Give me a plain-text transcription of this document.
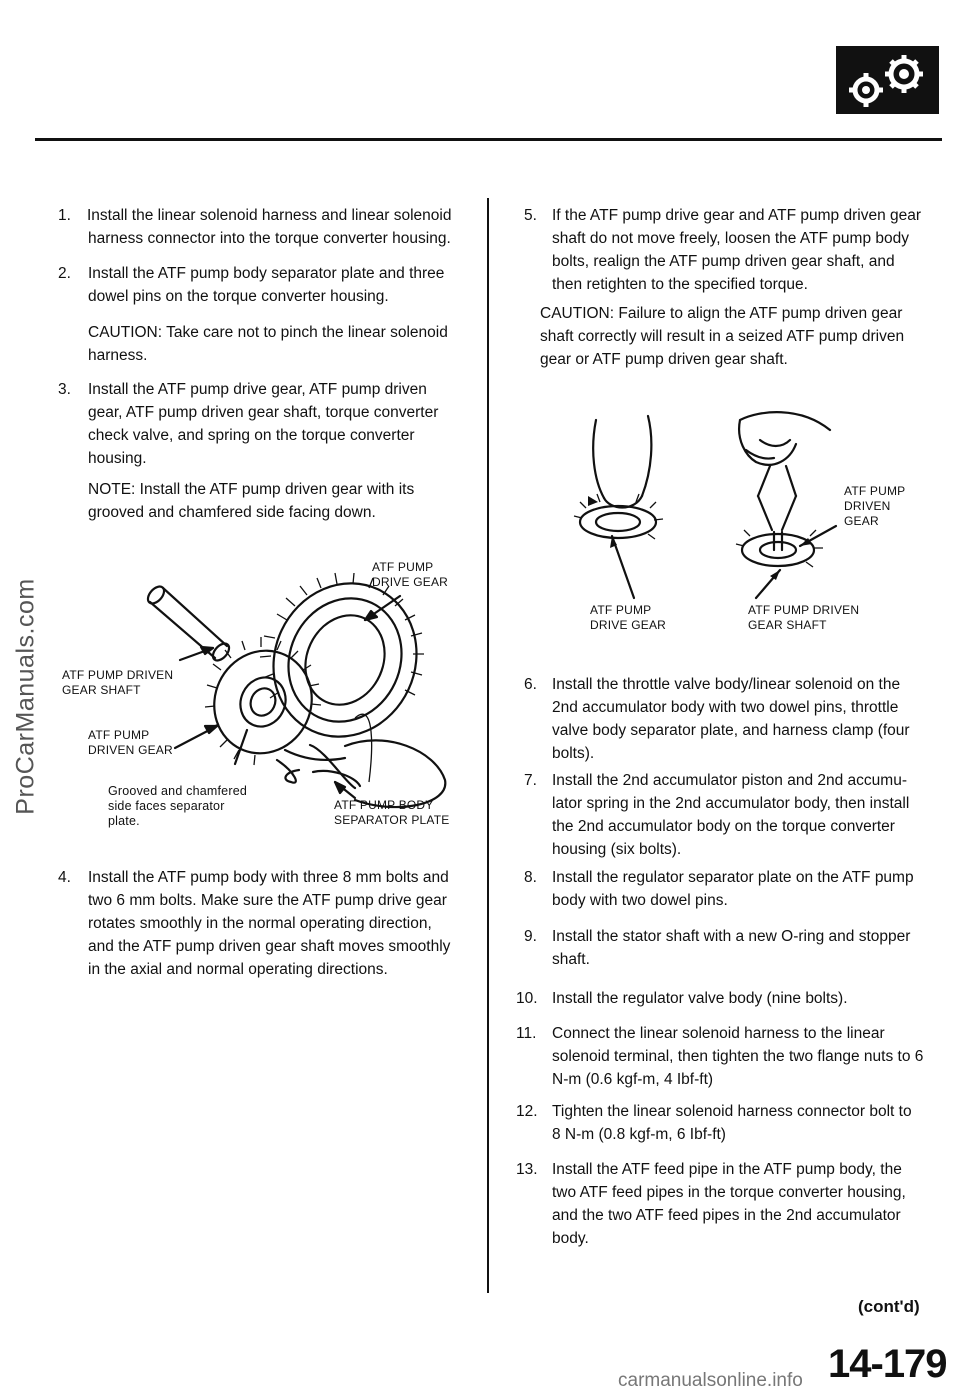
ProCarManuals.com
1. Install the linear solenoid harness and linear solenoid harness connector into the torque converter housing.
2. Install the ATF pump body separator plate and three dowel pins on the torque converter housing.
CAUTION: Take care not to pinch the linear solenoid harness.
3. Install the ATF pump drive gear, ATF pump driven gear, ATF pump driven gear shaft, torque converter check valve, and spring on the torque converter housing.
NOTE: Install the ATF pump driven gear with its grooved and chamfered side facing down.
ATF PUMP DRIVE GEAR
ATF PUMP DRIVEN GEAR SHAFT
ATF PUMP DRIVEN GEAR
Grooved and chamfered side faces separator plate.
ATF PUMP BODY SEPARATOR PLATE
4. Install the ATF pump body with three 8 mm bolts and two 6 mm bolts. Make sure the ATF pump drive gear rotates smoothly in the normal operating direction, and the ATF pump driven gear shaft moves smoothly in the axial and normal operating directions.
5. If the ATF pump drive gear and ATF pump driven gear shaft do not move freely, loosen the ATF pump body bolts, realign the ATF pump driven gear shaft, and then retighten to the specified torque.
CAUTION: Failure to align the ATF pump driven gear shaft correctly will result in a seized ATF pump driven gear or ATF pump driven gear shaft.
ATF PUMP DRIVEN GEAR
ATF PUMP DRIVE GEAR
ATF PUMP DRIVEN GEAR SHAFT
6. Install the throttle valve body/linear solenoid on the 2nd accumulator body with two dowel pins, throttle valve body separator plate, and harness clamp (four bolts).
7. Install the 2nd accumulator piston and 2nd accumu-lator spring in the 2nd accumulator body, then install the 2nd accumulator body on the torque converter housing (six bolts).
8. Install the regulator separator plate on the ATF pump body with two dowel pins.
9. Install the stator shaft with a new O-ring and stopper shaft.
10. Install the regulator valve body (nine bolts).
11. Connect the linear solenoid harness to the linear solenoid terminal, then tighten the two flange nuts to 6 N-m (0.6 kgf-m, 4 Ibf-ft)
12. Tighten the linear solenoid harness connector bolt to 8 N-m (0.8 kgf-m, 6 Ibf-ft)
13. Install the ATF feed pipe in the ATF pump body, the two ATF feed pipes in the torque converter housing, and the two ATF feed pipes in the 2nd accumulator body.
(cont'd)
14-179
carmanualsonline.info
